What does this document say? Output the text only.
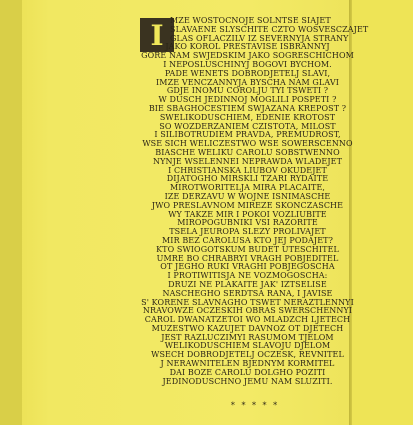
I MZE WOSTOCNOJE SOLNTSE SIAJET
SLAVAENE SLYSCHITE CZTO WOSVESCZAJET
GLAS OFLACZILV IZ SEVERNYJA STRANY
JAKO KOROL PRESTAVISE ISBRANNYJ
GORE NAM SWJEDSKIM JAKO SOGRESCHICHOM
I NEPOSLUSCHINYJ BOGOVI BYCHOM.
PADE WENETS DOBRODJETELJ SLAVI,
IMZE VENCZANNYJA BYSCHA NAM GLAVI
GDJE INOMU COROLJU TYI TSWETI ?
W DUSCH JEDINNOJ MOGLILI POSPETI ?
BIE SBAGHOCESTIEM SWJAZANA KREPOST ?
SWELIKODUSCHIEM, EDENIE KROTOST
SO WOZDERZANIEM CZISTOTA, MILOST
I SILIBOTRUDIEM PRAVDA, PREMUDROST,
WSE SICH WELICZESTWO WSE SOWERSCENNO
BIASCHE WELIKU CAROLU SOBSTWENNO
NYNJE WSELENNEI NEPRAWDA WLADEJET
I CHRISTIANSKA LIUBOV OKUDEJET
DIJATOGHO MIRSKLI TZARI RYDAITE
MIROTWORITELJA MIRA PLACAITE,
IZE DERZAVU W WOJNE ISNIMASCHE
JWO PRESLAVNOM MIREZE SKONCZASCHE
WY TAKZE MIR I POKOI VOZLIUBITE
MIROPOGUBNIKI VSI RAZORITE
TSELA JEUROPA SLEZY PROLIVAJET
MIR BEZ CAROLUSA KTO JEJ PODAJET?
KTO SWIOGOTSKUM BUDET UTESCHITEL
UMRE BO CHRABRYI VRAGH POBJEDITEL
OT JEGHO RUKI VRAGHI POBJEGOSCHA
I PROTIWITISJA NE VOZMOGOSCHA:
DRUZI NE PLAKAITE JAK' IZTSELISE
NASCHEGHO SERDTSA RANA, I JAVISE
S' KORENE SLAVNAGHO TSWET NERAZTLENNYI
NRAVOWZE OCZESKIH OBRAS SWERSCHENNYI
CAROL DWANATZETOI WO MLADZCH LJETECH
MUZESTWO KAZUJET DAVNOZ OT DJETECH
JEST RAZLUCZIMYI RASUMOM TJELOM
WELIKODUSCHIEM SLAVOJU DJELOM
WSECH DOBRODJETELJ OCZESK, REVNITEL
J NERAWNITELEN BJEDNYM KORMITEL
DAI BOZE CAROLU DOLGHO POZITI
JEDINODUSCHNO JEMU NAM SLUZITI.
* * * * *
